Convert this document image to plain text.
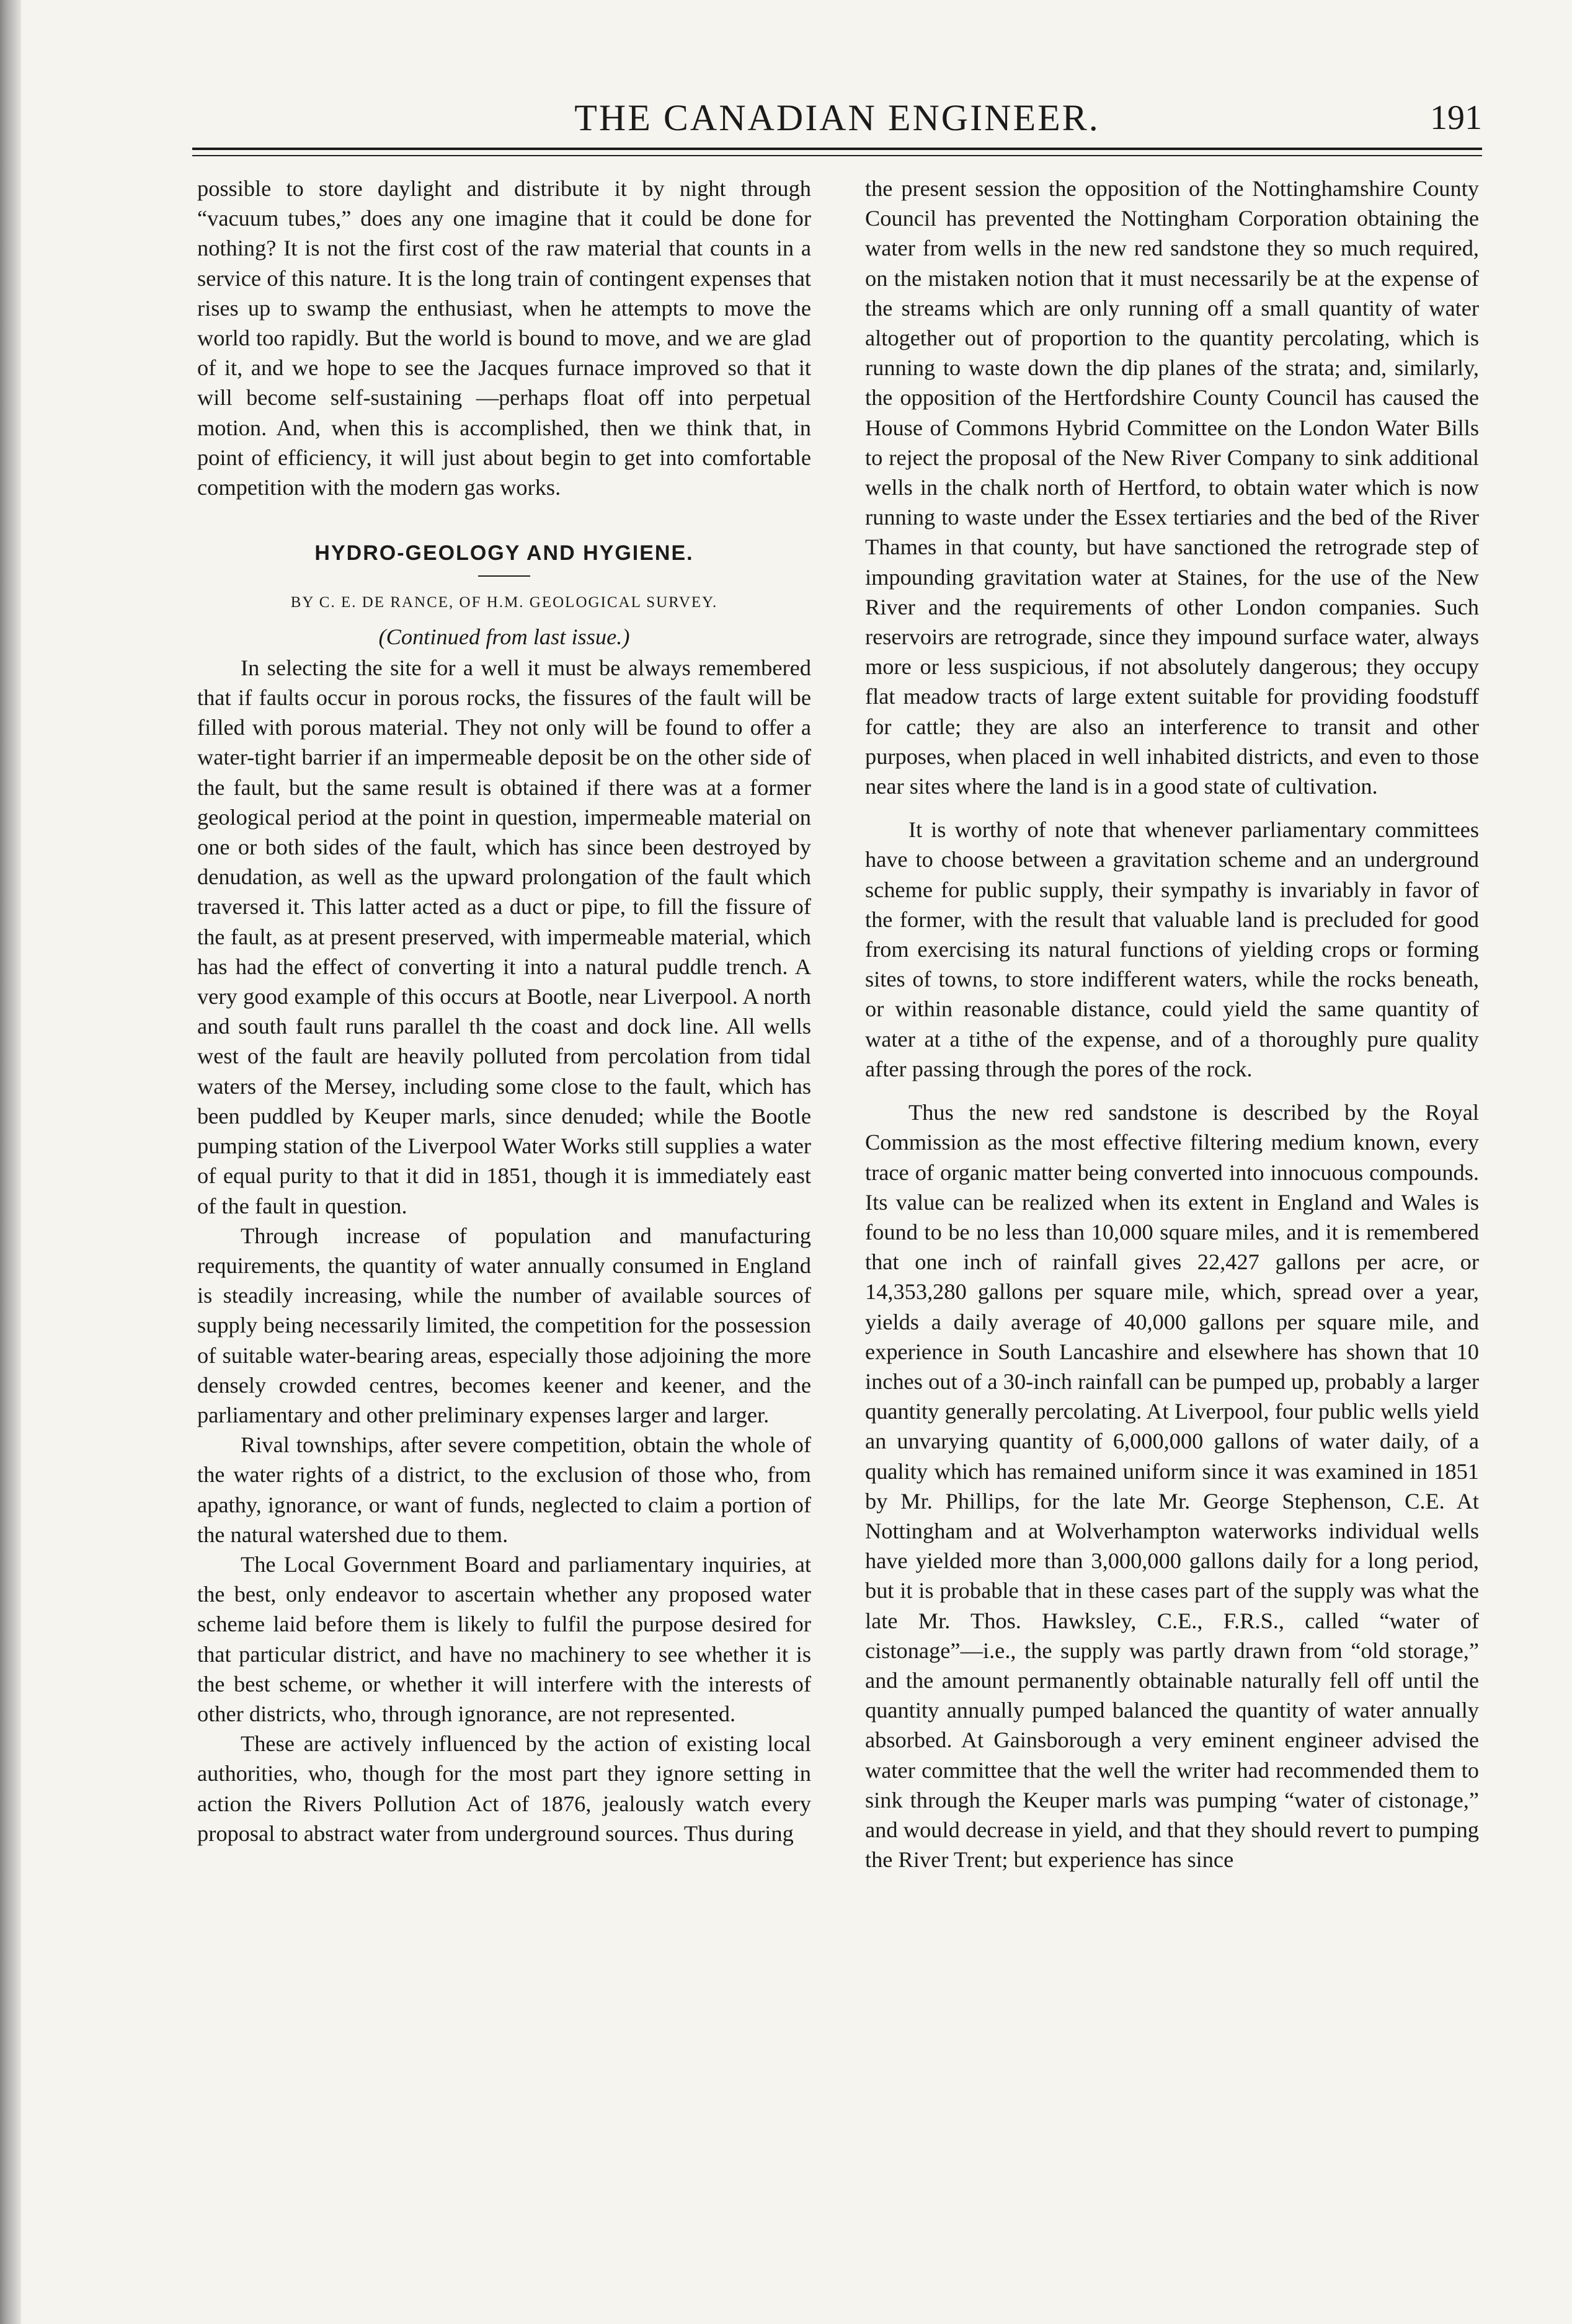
THE CANADIAN ENGINEER.	191

possible to store daylight and distribute it by night through “vacuum tubes,” does any one imagine that it could be done for nothing? It is not the first cost of the raw material that counts in a service of this nature. It is the long train of contingent expenses that rises up to swamp the enthusiast, when he attempts to move the world too rapidly. But the world is bound to move, and we are glad of it, and we hope to see the Jacques furnace improved so that it will become self-sustaining —perhaps float off into perpetual motion. And, when this is accomplished, then we think that, in point of efficiency, it will just about begin to get into comfortable competition with the modern gas works.

HYDRO-GEOLOGY AND HYGIENE.
BY C. E. DE RANCE, OF H.M. GEOLOGICAL SURVEY.
(Continued from last issue.)

In selecting the site for a well it must be always remembered that if faults occur in porous rocks, the fissures of the fault will be filled with porous material. They not only will be found to offer a water-tight barrier if an impermeable deposit be on the other side of the fault, but the same result is obtained if there was at a former geological period at the point in question, impermeable material on one or both sides of the fault, which has since been destroyed by denudation, as well as the upward prolongation of the fault which traversed it. This latter acted as a duct or pipe, to fill the fissure of the fault, as at present preserved, with impermeable material, which has had the effect of converting it into a natural puddle trench. A very good example of this occurs at Bootle, near Liverpool. A north and south fault runs parallel th the coast and dock line. All wells west of the fault are heavily polluted from percolation from tidal waters of the Mersey, including some close to the fault, which has been puddled by Keuper marls, since denuded; while the Bootle pumping station of the Liverpool Water Works still supplies a water of equal purity to that it did in 1851, though it is immediately east of the fault in question.

Through increase of population and manufacturing requirements, the quantity of water annually consumed in England is steadily increasing, while the number of available sources of supply being necessarily limited, the competition for the possession of suitable water-bearing areas, especially those adjoining the more densely crowded centres, becomes keener and keener, and the parliamentary and other preliminary expenses larger and larger.

Rival townships, after severe competition, obtain the whole of the water rights of a district, to the exclusion of those who, from apathy, ignorance, or want of funds, neglected to claim a portion of the natural watershed due to them.

The Local Government Board and parliamentary inquiries, at the best, only endeavor to ascertain whether any proposed water scheme laid before them is likely to fulfil the purpose desired for that particular district, and have no machinery to see whether it is the best scheme, or whether it will interfere with the interests of other districts, who, through ignorance, are not represented.

These are actively influenced by the action of existing local authorities, who, though for the most part they ignore setting in action the Rivers Pollution Act of 1876, jealously watch every proposal to abstract water from underground sources. Thus during

the present session the opposition of the Nottinghamshire County Council has prevented the Nottingham Corporation obtaining the water from wells in the new red sandstone they so much required, on the mistaken notion that it must necessarily be at the expense of the streams which are only running off a small quantity of water altogether out of proportion to the quantity percolating, which is running to waste down the dip planes of the strata; and, similarly, the opposition of the Hertfordshire County Council has caused the House of Commons Hybrid Committee on the London Water Bills to reject the proposal of the New River Company to sink additional wells in the chalk north of Hertford, to obtain water which is now running to waste under the Essex tertiaries and the bed of the River Thames in that county, but have sanctioned the retrograde step of impounding gravitation water at Staines, for the use of the New River and the requirements of other London companies. Such reservoirs are retrograde, since they impound surface water, always more or less suspicious, if not absolutely dangerous; they occupy flat meadow tracts of large extent suitable for providing foodstuff for cattle; they are also an interference to transit and other purposes, when placed in well inhabited districts, and even to those near sites where the land is in a good state of cultivation.

It is worthy of note that whenever parliamentary committees have to choose between a gravitation scheme and an underground scheme for public supply, their sympathy is invariably in favor of the former, with the result that valuable land is precluded for good from exercising its natural functions of yielding crops or forming sites of towns, to store indifferent waters, while the rocks beneath, or within reasonable distance, could yield the same quantity of water at a tithe of the expense, and of a thoroughly pure quality after passing through the pores of the rock.

Thus the new red sandstone is described by the Royal Commission as the most effective filtering medium known, every trace of organic matter being converted into innocuous compounds. Its value can be realized when its extent in England and Wales is found to be no less than 10,000 square miles, and it is remembered that one inch of rainfall gives 22,427 gallons per acre, or 14,353,280 gallons per square mile, which, spread over a year, yields a daily average of 40,000 gallons per square mile, and experience in South Lancashire and elsewhere has shown that 10 inches out of a 30-inch rainfall can be pumped up, probably a larger quantity generally percolating. At Liverpool, four public wells yield an unvarying quantity of 6,000,000 gallons of water daily, of a quality which has remained uniform since it was examined in 1851 by Mr. Phillips, for the late Mr. George Stephenson, C.E. At Nottingham and at Wolverhampton waterworks individual wells have yielded more than 3,000,000 gallons daily for a long period, but it is probable that in these cases part of the supply was what the late Mr. Thos. Hawksley, C.E., F.R.S., called “water of cistonage”—i.e., the supply was partly drawn from “old storage,” and the amount permanently obtainable naturally fell off until the quantity annually pumped balanced the quantity of water annually absorbed. At Gainsborough a very eminent engineer advised the water committee that the well the writer had recommended them to sink through the Keuper marls was pumping “water of cistonage,” and would decrease in yield, and that they should revert to pumping the River Trent; but experience has since
